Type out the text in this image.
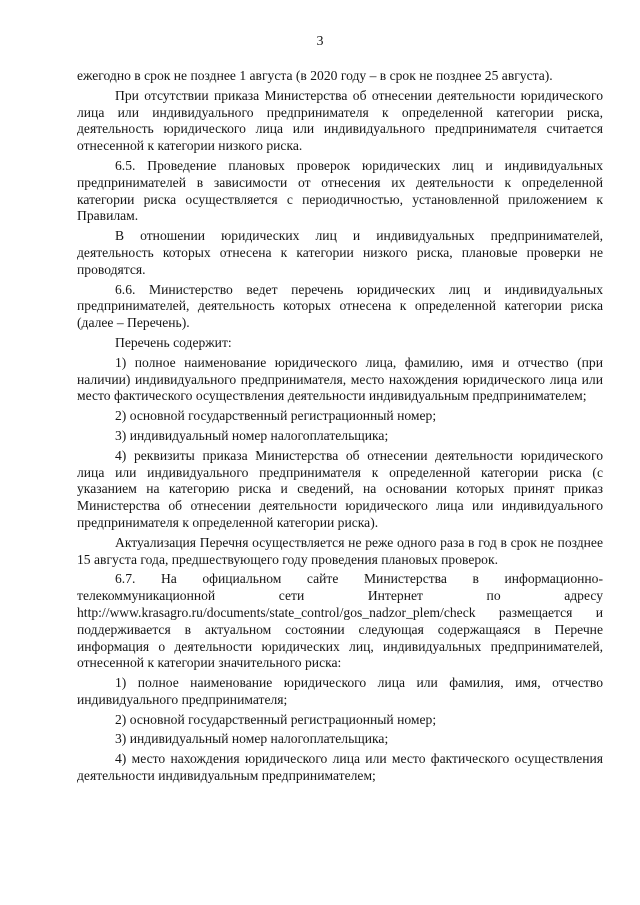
3

ежегодно в срок не позднее 1 августа (в 2020 году – в срок не позднее 25 августа).

При отсутствии приказа Министерства об отнесении деятельности юридического лица или индивидуального предпринимателя к определенной категории риска, деятельность юридического лица или индивидуального предпринимателя считается отнесенной к категории низкого риска.

6.5. Проведение плановых проверок юридических лиц и индивидуальных предпринимателей в зависимости от отнесения их деятельности к определенной категории риска осуществляется с периодичностью, установленной приложением к Правилам.

В отношении юридических лиц и индивидуальных предпринимателей, деятельность которых отнесена к категории низкого риска, плановые проверки не проводятся.

6.6. Министерство ведет перечень юридических лиц и индивидуальных предпринимателей, деятельность которых отнесена к определенной категории риска (далее – Перечень).

Перечень содержит:

1) полное наименование юридического лица, фамилию, имя и отчество (при наличии) индивидуального предпринимателя, место нахождения юридического лица или место фактического осуществления деятельности индивидуальным предпринимателем;

2) основной государственный регистрационный номер;

3) индивидуальный номер налогоплательщика;

4) реквизиты приказа Министерства об отнесении деятельности юридического лица или индивидуального предпринимателя к определенной категории риска (с указанием на категорию риска и сведений, на основании которых принят приказ Министерства об отнесении деятельности юридического лица или индивидуального предпринимателя к определенной категории риска).

Актуализация Перечня осуществляется не реже одного раза в год в срок не позднее 15 августа года, предшествующего году проведения плановых проверок.

6.7. На официальном сайте Министерства в информационно-телекоммуникационной сети Интернет по адресу http://www.krasagro.ru/documents/state_control/gos_nadzor_plem/check размещается и поддерживается в актуальном состоянии следующая содержащаяся в Перечне информация о деятельности юридических лиц, индивидуальных предпринимателей, отнесенной к категории значительного риска:

1) полное наименование юридического лица или фамилия, имя, отчество индивидуального предпринимателя;

2) основной государственный регистрационный номер;

3) индивидуальный номер налогоплательщика;

4) место нахождения юридического лица или место фактического осуществления деятельности индивидуальным предпринимателем;
